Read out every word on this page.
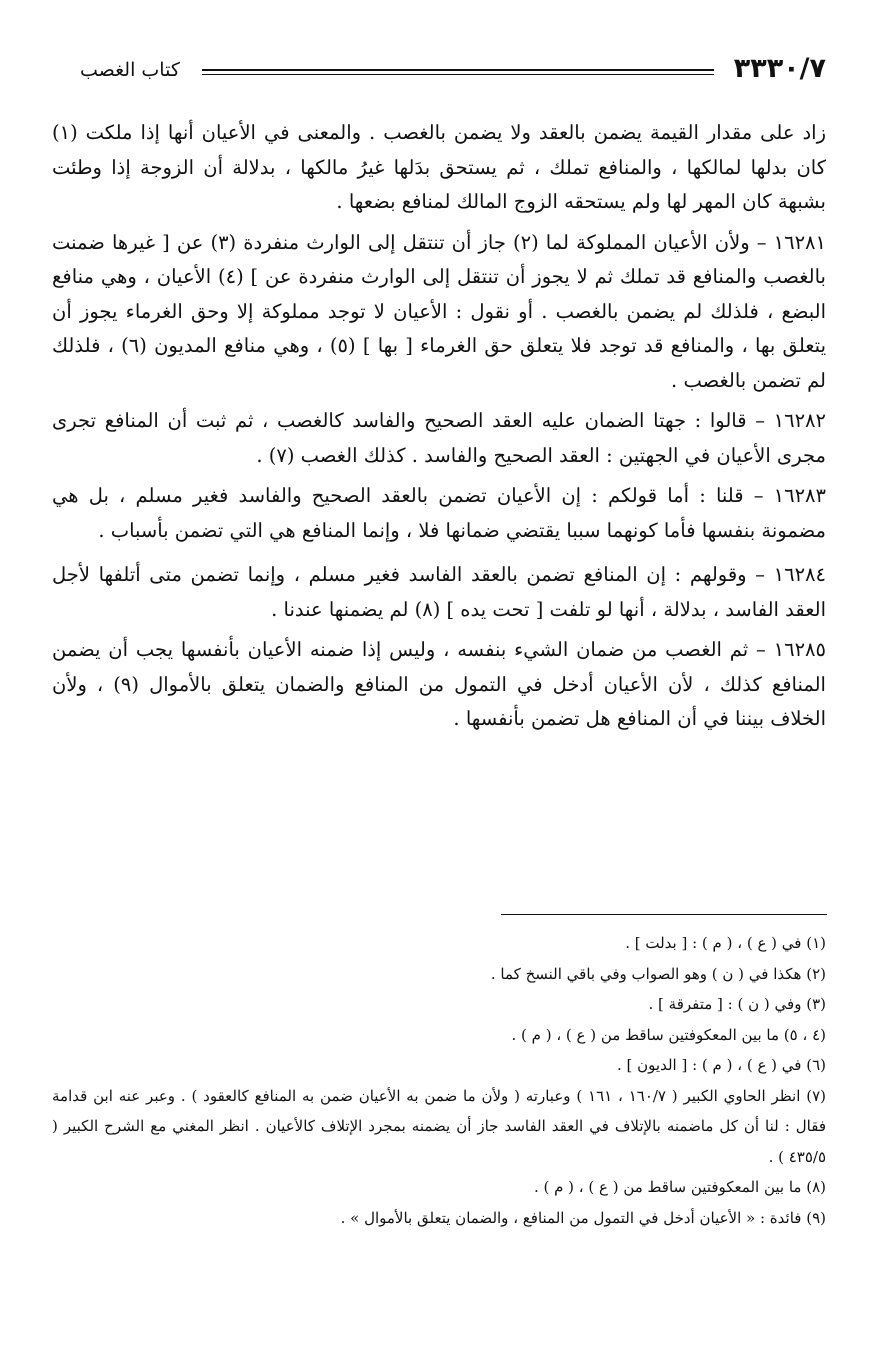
٣٣٣٠/٧
كتاب الغصب

زاد على مقدار القيمة يضمن بالعقد ولا يضمن بالغصب . والمعنى في الأعيان أنها إذا ملكت (١) كان بدلها لمالكها ، والمنافع تملك ، ثم يستحق بدَلها غيرُ مالكها ، بدلالة أن الزوجة إذا وطئت بشبهة كان المهر لها ولم يستحقه الزوج المالك لمنافع بضعها .

١٦٢٨١ – ولأن الأعيان المملوكة لما (٢) جاز أن تنتقل إلى الوارث منفردة (٣) عن [ غيرها ضمنت بالغصب والمنافع قد تملك ثم لا يجوز أن تنتقل إلى الوارث منفردة عن ] (٤) الأعيان ، وهي منافع البضع ، فلذلك لم يضمن بالغصب . أو نقول : الأعيان لا توجد مملوكة إلا وحق الغرماء يجوز أن يتعلق بها ، والمنافع قد توجد فلا يتعلق حق الغرماء [ بها ] (٥) ، وهي منافع المديون (٦) ، فلذلك لم تضمن بالغصب .

١٦٢٨٢ – قالوا : جهتا الضمان عليه العقد الصحيح والفاسد كالغصب ، ثم ثبت أن المنافع تجرى مجرى الأعيان في الجهتين : العقد الصحيح والفاسد . كذلك الغصب (٧) .

١٦٢٨٣ – قلنا : أما قولكم : إن الأعيان تضمن بالعقد الصحيح والفاسد فغير مسلم ، بل هي مضمونة بنفسها فأما كونهما سببا يقتضي ضمانها فلا ، وإنما المنافع هي التي تضمن بأسباب .

١٦٢٨٤ – وقولهم : إن المنافع تضمن بالعقد الفاسد فغير مسلم ، وإنما تضمن متى أتلفها لأجل العقد الفاسد ، بدلالة ، أنها لو تلفت [ تحت يده ] (٨) لم يضمنها عندنا .

١٦٢٨٥ – ثم الغصب من ضمان الشيء بنفسه ، وليس إذا ضمنه الأعيان بأنفسها يجب أن يضمن المنافع كذلك ، لأن الأعيان أدخل في التمول من المنافع والضمان يتعلق بالأموال (٩) ، ولأن الخلاف بيننا في أن المنافع هل تضمن بأنفسها .

(١) في ( ع ) ، ( م ) : [ بدلت ] .

(٢) هكذا في ( ن ) وهو الصواب وفي باقي النسخ كما .

(٣) وفي ( ن ) : [ متفرقة ] .

(٤ ، ٥) ما بين المعكوفتين ساقط من ( ع ) ، ( م ) .

(٦) في ( ع ) ، ( م ) : [ الديون ] .

(٧) انظر الحاوي الكبير ( ١٦٠/٧ ، ١٦١ ) وعبارته ( ولأن ما ضمن به الأعيان ضمن به المنافع كالعقود ) . وعبر عنه ابن قدامة فقال : لنا أن كل ماضمنه بالإتلاف في العقد الفاسد جاز أن يضمنه بمجرد الإتلاف كالأعيان . انظر المغني مع الشرح الكبير ( ٤٣٥/٥ ) .

(٨) ما بين المعكوفتين ساقط من ( ع ) ، ( م ) .

(٩) فائدة : « الأعيان أدخل في التمول من المنافع ، والضمان يتعلق بالأموال » .
